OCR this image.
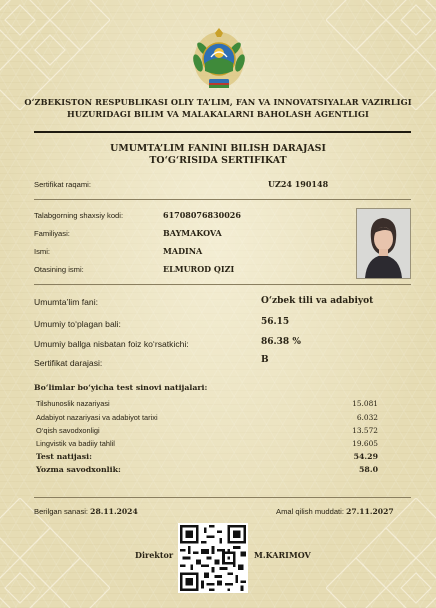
O‘ZBEKISTON RESPUBLIKASI OLIY TA’LIM, FAN VA INNOVATSIYALAR VAZIRLIGI
HUZURIDAGI BILIM VA MALAKALARNI BAHOLASH AGENTLIGI
UMUMTA’LIM FANINI BILISH DARAJASI
TO‘G‘RISIDA SERTIFIKAT
Sertifikat raqami:	UZ24 190148
Talabgorning shaxsiy kodi:	61708076830026
Familiyasi:	BAYMAKOVA
Ismi:	MADINA
Otasining ismi:	ELMUROD QIZI
Umumta’lim fani:	O‘zbek tili va adabiyot
Umumiy to‘plagan bali:	56.15
Umumiy ballga nisbatan foiz ko‘rsatkichi:	86.38 %
Sertifikat darajasi:	B
Bo‘limlar bo‘yicha test sinovi natijalari:
Tilshunoslik nazariyasi	15.081
Adabiyot nazariyasi va adabiyot tarixi	6.032
O‘qish savodxonligi	13.572
Lingvistik va badiiy tahlil	19.605
Test natijasi:	54.29
Yozma savodxonlik:	58.0
Berilgan sanasi: 28.11.2024	Amal qilish muddati: 27.11.2027
Direktor	M.KARIMOV
